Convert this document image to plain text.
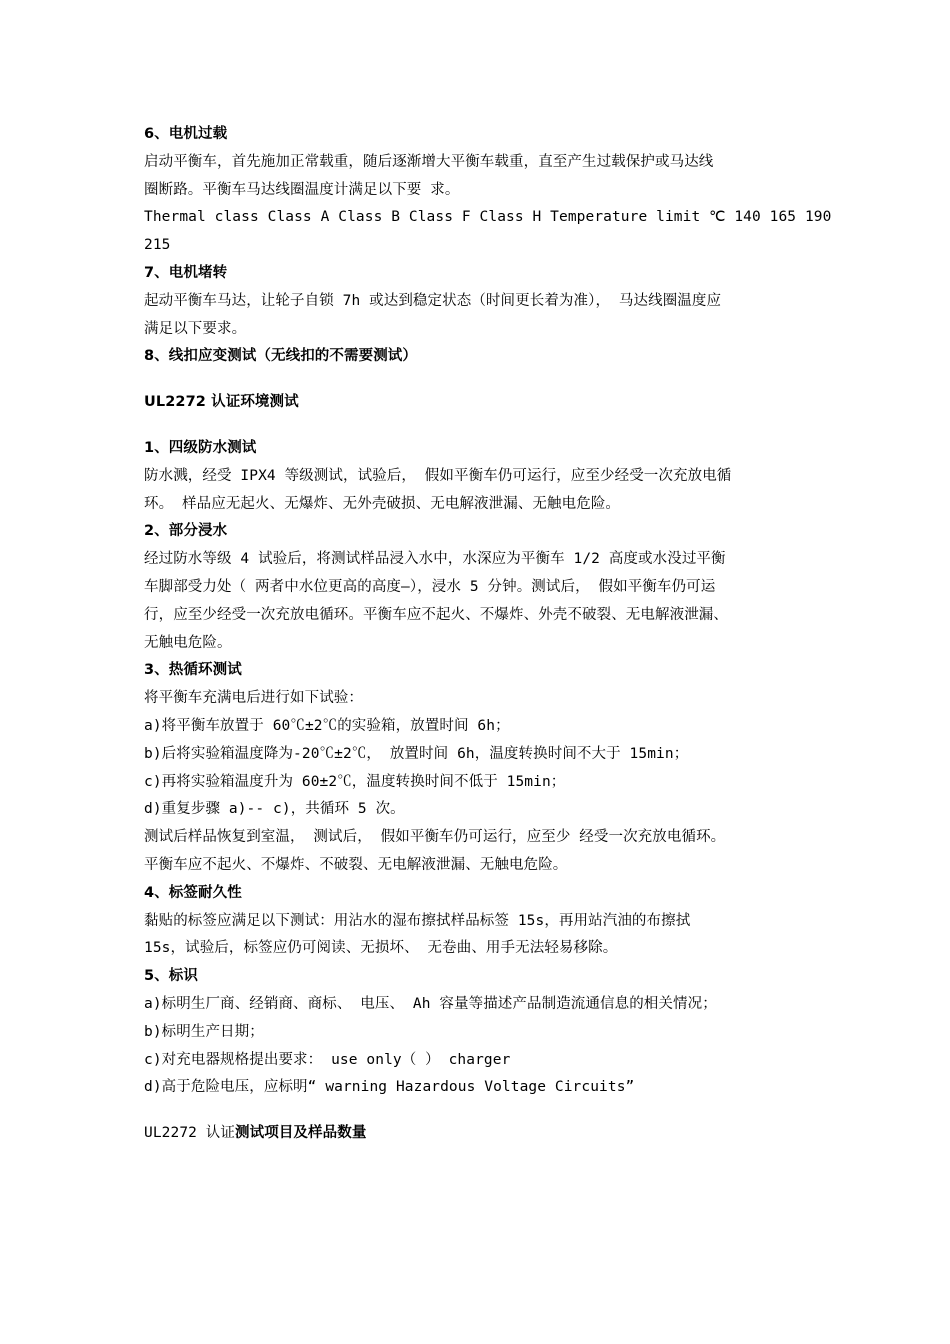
6、电机过载
启动平衡车，首先施加正常载重，随后逐渐增大平衡车载重，直至产生过载保护或马达线
圈断路。平衡车马达线圈温度计满足以下要 求。
Thermal class Class A Class B Class F Class H Temperature limit ℃ 140 165 190
215
7、电机堵转
起动平衡车马达，让轮子自锁 7h 或达到稳定状态（时间更长着为准）， 马达线圈温度应
满足以下要求。
8、线扣应变测试（无线扣的不需要测试）
UL2272 认证环境测试
1、四级防水测试
防水溅，经受 IPX4 等级测试，试验后， 假如平衡车仍可运行，应至少经受一次充放电循
环。 样品应无起火、无爆炸、无外壳破损、无电解液泄漏、无触电危险。
2、部分浸水
经过防水等级 4 试验后，将测试样品浸入水中，水深应为平衡车 1/2 高度或水没过平衡
车脚部受力处（ 两者中水位更高的高度—），浸水 5 分钟。测试后， 假如平衡车仍可运
行，应至少经受一次充放电循环。平衡车应不起火、不爆炸、外壳不破裂、无电解液泄漏、
无触电危险。
3、热循环测试
将平衡车充满电后进行如下试验：
a)将平衡车放置于 60℃±2℃的实验箱，放置时间 6h；
b)后将实验箱温度降为-20℃±2℃， 放置时间 6h，温度转换时间不大于 15min；
c)再将实验箱温度升为 60±2℃，温度转换时间不低于 15min；
d)重复步骤 a)-- c)，共循环 5 次。
测试后样品恢复到室温， 测试后， 假如平衡车仍可运行，应至少 经受一次充放电循环。
平衡车应不起火、不爆炸、不破裂、无电解液泄漏、无触电危险。
4、标签耐久性
黏贴的标签应满足以下测试：用沾水的湿布擦拭样品标签 15s，再用站汽油的布擦拭
15s，试验后，标签应仍可阅读、无损坏、 无卷曲、用手无法轻易移除。
5、标识
a)标明生厂商、经销商、商标、 电压、 Ah 容量等描述产品制造流通信息的相关情况；
b)标明生产日期；
c)对充电器规格提出要求： use only（ ） charger
d)高于危险电压，应标明“ warning Hazardous Voltage Circuits”
UL2272 认证测试项目及样品数量
